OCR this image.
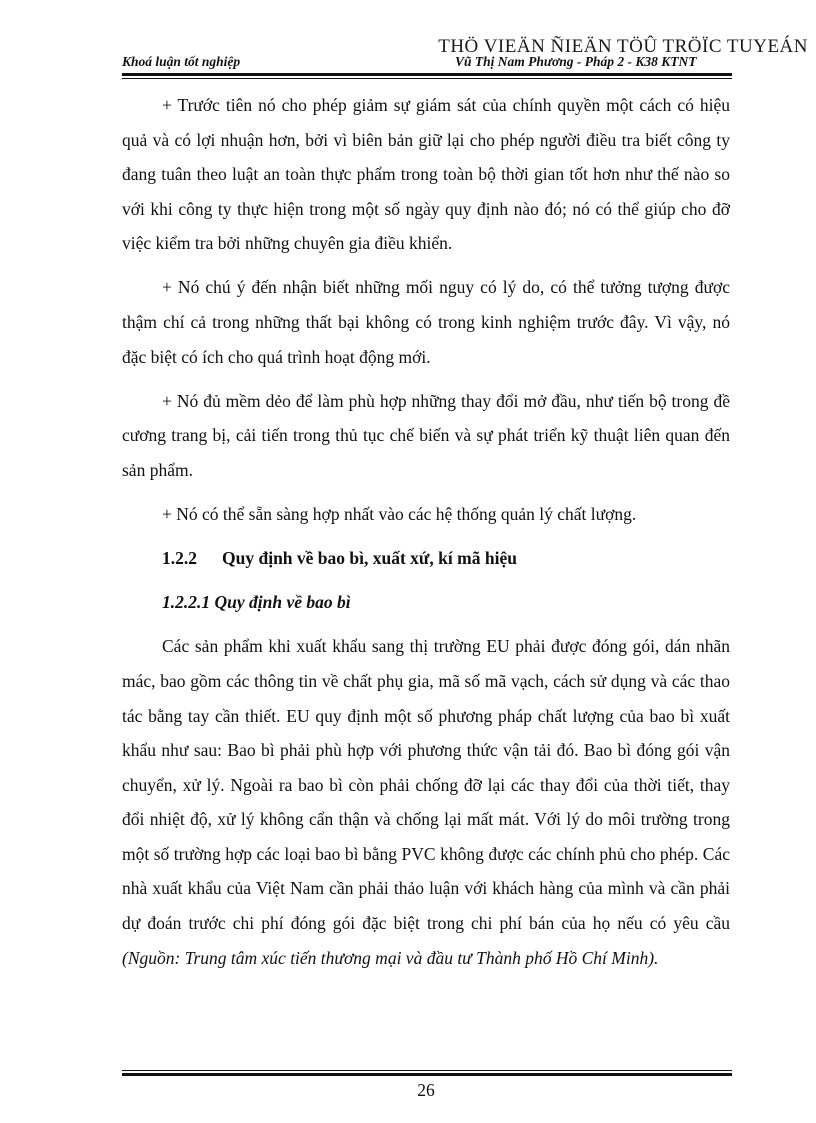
THÖ VIEÄN ÑIEÄN TÖÛ TRÖÏC TUYEÁN
Khoá luận tốt nghiệp	Vũ Thị Nam Phương - Pháp 2 - K38 KTNT

+ Trước tiên nó cho phép giảm sự giám sát của chính quyền một cách có hiệu quả và có lợi nhuận hơn, bởi vì biên bản giữ lại cho phép người điều tra biết công ty đang tuân theo luật an toàn thực phẩm trong toàn bộ thời gian tốt hơn như thế nào so với khi công ty thực hiện trong một số ngày quy định nào đó; nó có thể giúp cho đỡ việc kiểm tra bởi những chuyên gia điều khiển.

+ Nó chú ý đến nhận biết những mối nguy có lý do, có thể tưởng tượng được thậm chí cả trong những thất bại không có trong kinh nghiệm trước đây. Vì vậy, nó đặc biệt có ích cho quá trình hoạt động mới.

+ Nó đủ mềm dẻo để làm phù hợp những thay đổi mở đầu, như tiến bộ trong đề cương trang bị, cải tiến trong thủ tục chế biến và sự phát triển kỹ thuật liên quan đến sản phẩm.

+ Nó có thể sẵn sàng hợp nhất vào các hệ thống quản lý chất lượng.

1.2.2 Quy định về bao bì, xuất xứ, kí mã hiệu
1.2.2.1 Quy định về bao bì

Các sản phẩm khi xuất khẩu sang thị trường EU phải được đóng gói, dán nhãn mác, bao gồm các thông tin về chất phụ gia, mã số mã vạch, cách sử dụng và các thao tác bằng tay cần thiết. EU quy định một số phương pháp chất lượng của bao bì xuất khẩu như sau: Bao bì phải phù hợp với phương thức vận tải đó. Bao bì đóng gói vận chuyển, xử lý. Ngoài ra bao bì còn phải chống đỡ lại các thay đổi của thời tiết, thay đổi nhiệt độ, xử lý không cẩn thận và chống lại mất mát. Với lý do môi trường trong một số trường hợp các loại bao bì bằng PVC không được các chính phủ cho phép. Các nhà xuất khẩu của Việt Nam cần phải thảo luận với khách hàng của mình và cần phải dự đoán trước chi phí đóng gói đặc biệt trong chi phí bán của họ nếu có yêu cầu (Nguồn: Trung tâm xúc tiến thương mại và đầu tư Thành phố Hồ Chí Minh).

26
